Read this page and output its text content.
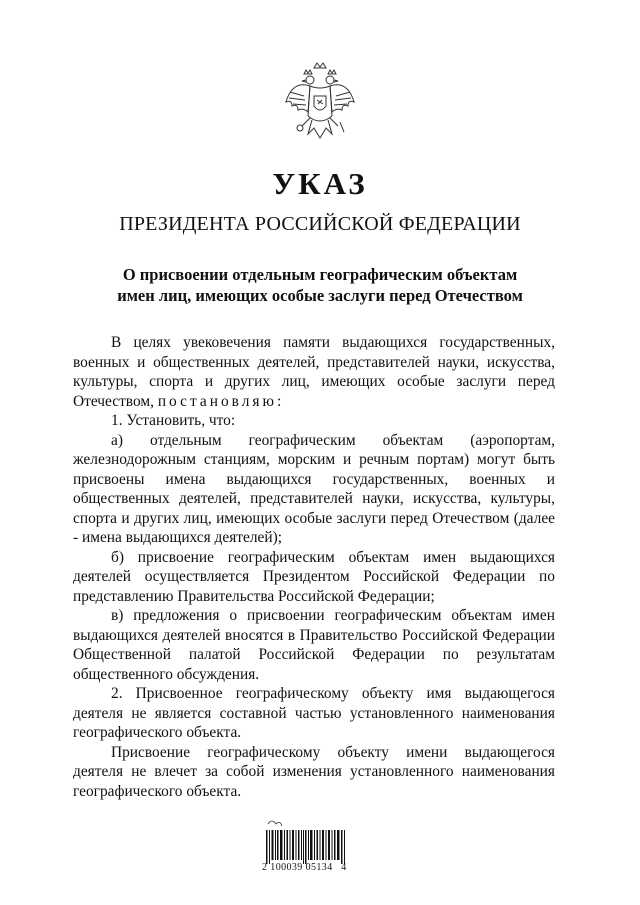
УКАЗ
ПРЕЗИДЕНТА РОССИЙСКОЙ ФЕДЕРАЦИИ
О присвоении отдельным географическим объектам
имен лиц, имеющих особые заслуги перед Отечеством

В целях увековечения памяти выдающихся государственных, военных и общественных деятелей, представителей науки, искусства, культуры, спорта и других лиц, имеющих особые заслуги перед Отечеством, постановляю:

1. Установить, что:

а) отдельным географическим объектам (аэропортам, железнодорожным станциям, морским и речным портам) могут быть присвоены имена выдающихся государственных, военных и общественных деятелей, представителей науки, искусства, культуры, спорта и других лиц, имеющих особые заслуги перед Отечеством (далее - имена выдающихся деятелей);

б) присвоение географическим объектам имен выдающихся деятелей осуществляется Президентом Российской Федерации по представлению Правительства Российской Федерации;

в) предложения о присвоении географическим объектам имен выдающихся деятелей вносятся в Правительство Российской Федерации Общественной палатой Российской Федерации по результатам общественного обсуждения.

2. Присвоенное географическому объекту имя выдающегося деятеля не является составной частью установленного наименования географического объекта.

Присвоение географическому объекту имени выдающегося деятеля не влечет за собой изменения установленного наименования географического объекта.

2 100039 05134   4
